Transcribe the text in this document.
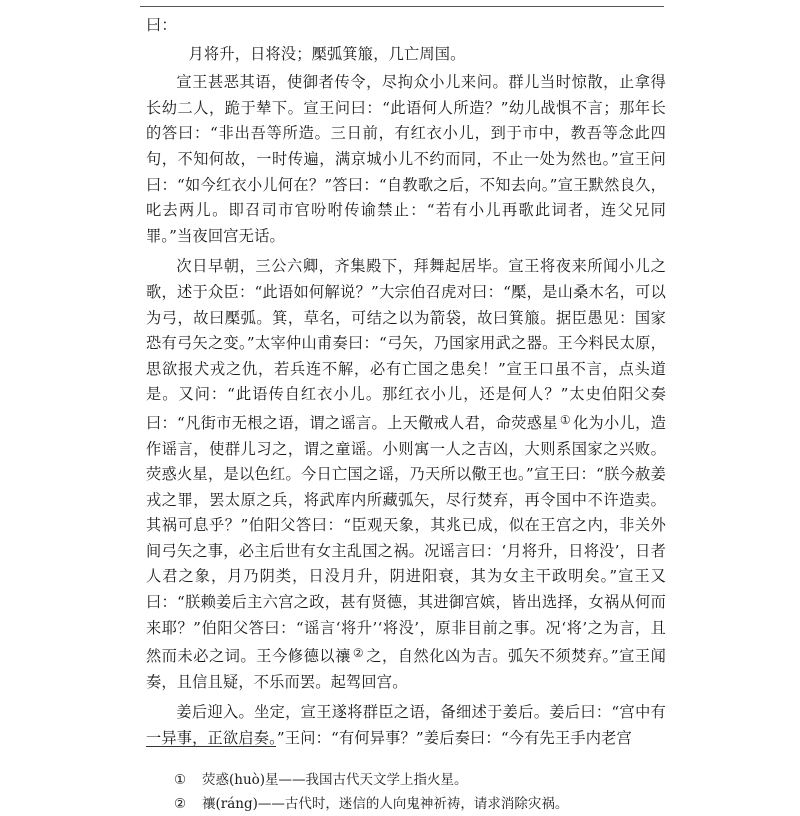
曰：

月将升，日将没；檿弧箕箙，几亡周国。

宣王甚恶其语，使御者传令，尽拘众小儿来问。群儿当时惊散，止拿得长幼二人，跪于辇下。宣王问曰：“此语何人所造？”幼儿战惧不言；那年长的答曰：“非出吾等所造。三日前，有红衣小儿，到于市中，教吾等念此四句，不知何故，一时传遍，满京城小儿不约而同，不止一处为然也。”宣王问曰：“如今红衣小儿何在？”答曰：“自教歌之后，不知去向。”宣王默然良久，叱去两儿。即召司市官吩咐传谕禁止：“若有小儿再歌此词者，连父兄同罪。”当夜回宫无话。

次日早朝，三公六卿，齐集殿下，拜舞起居毕。宣王将夜来所闻小儿之歌，述于众臣：“此语如何解说？”大宗伯召虎对曰：“檿，是山桑木名，可以为弓，故曰檿弧。箕，草名，可结之以为箭袋，故曰箕箙。据臣愚见：国家恐有弓矢之变。”太宰仲山甫奏曰：“弓矢，乃国家用武之器。王今料民太原，思欲报犬戎之仇，若兵连不解，必有亡国之患矣！”宣王口虽不言，点头道是。又问：“此语传自红衣小儿。那红衣小儿，还是何人？”太史伯阳父奏曰：“凡街市无根之语，谓之谣言。上天儆戒人君，命荧惑星 ① 化为小儿，造作谣言，使群儿习之，谓之童谣。小则寓一人之吉凶，大则系国家之兴败。荧惑火星，是以色红。今日亡国之谣，乃天所以儆王也。”宣王曰：“朕今赦姜戎之罪，罢太原之兵，将武库内所藏弧矢，尽行焚弃，再令国中不许造卖。其祸可息乎？”伯阳父答曰：“臣观天象，其兆已成，似在王宫之内，非关外间弓矢之事，必主后世有女主乱国之祸。况谣言曰：‘月将升，日将没’，日者人君之象，月乃阴类，日没月升，阴进阳衰，其为女主干政明矣。”宣王又曰：“朕赖姜后主六宫之政，甚有贤德，其进御宫嫔，皆出选择，女祸从何而来耶？”伯阳父答曰：“谣言‘将升’‘将没’，原非目前之事。况‘将’之为言，且然而未必之词。王今修德以禳 ② 之，自然化凶为吉。弧矢不须焚弃。”宣王闻奏，且信且疑，不乐而罢。起驾回宫。

姜后迎入。坐定，宣王遂将群臣之语，备细述于姜后。姜后曰：“宫中有一异事，正欲启奏。”王问：“有何异事？”姜后奏曰：“今有先王手内老宫

① 荧惑(huò)星——我国古代天文学上指火星。
② 禳(ráng)——古代时，迷信的人向鬼神祈祷，请求消除灾祸。
